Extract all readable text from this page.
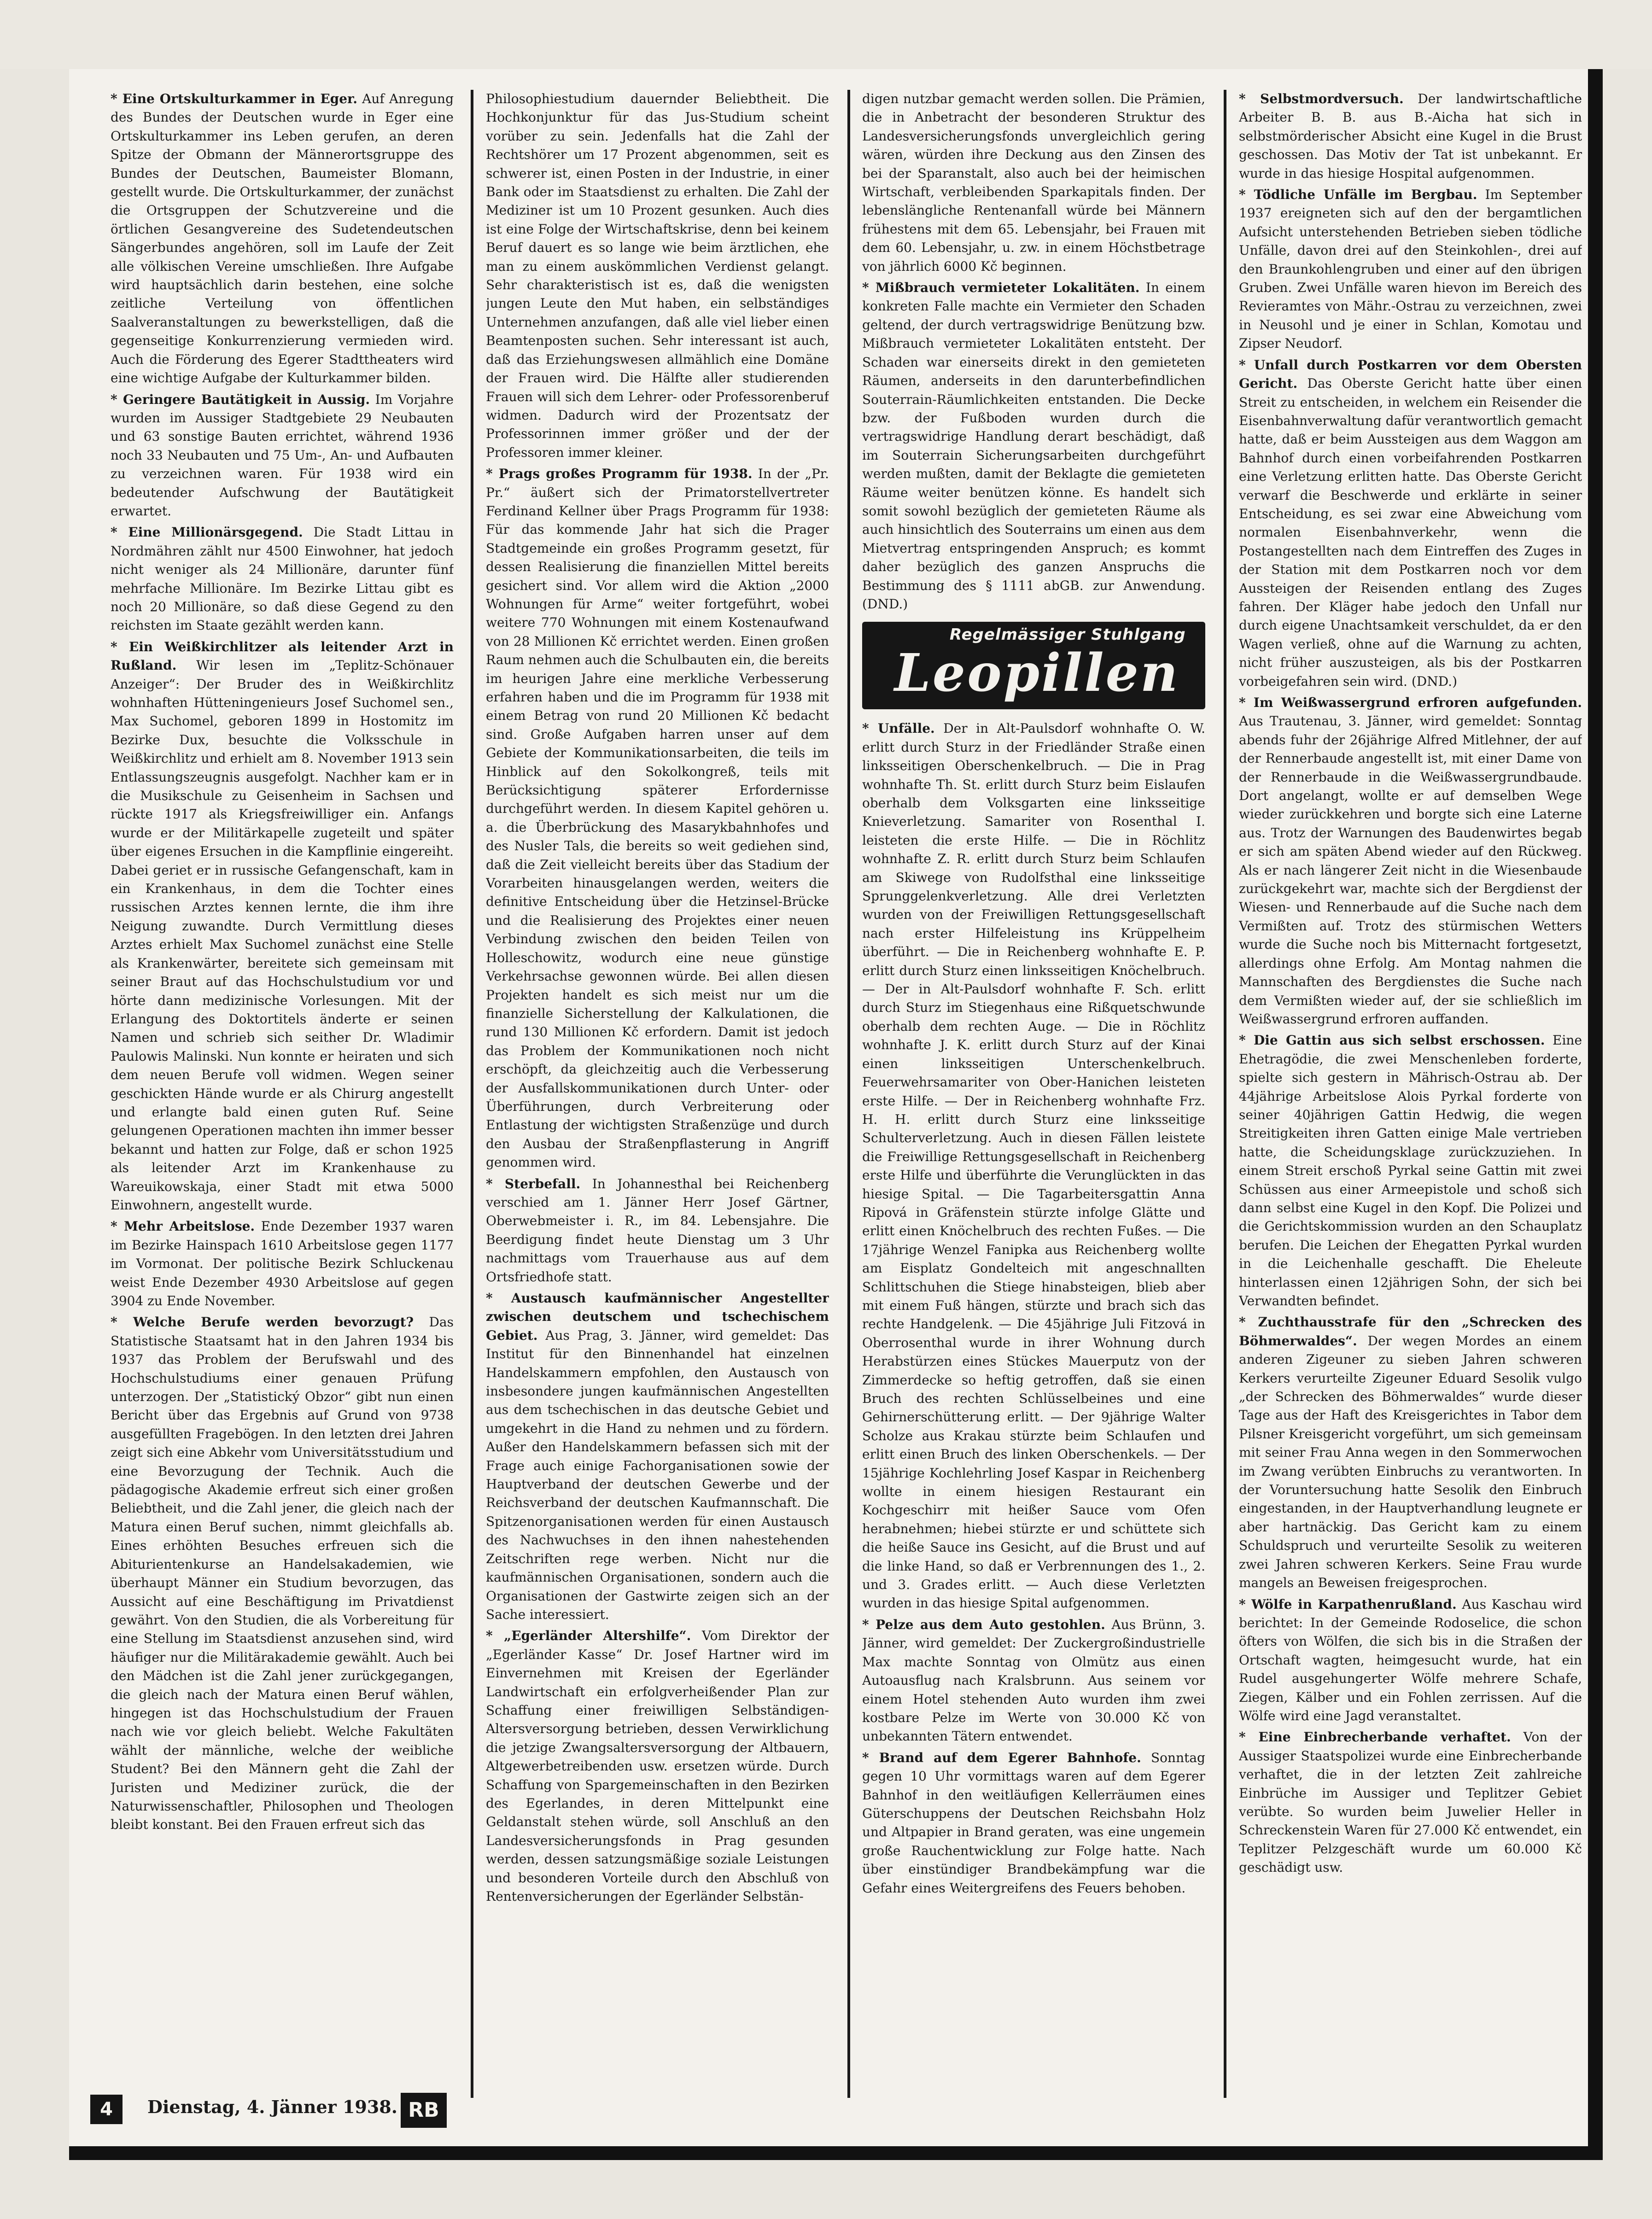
* Eine Ortskulturkammer in Eger. Auf Anregung des Bundes der Deutschen wurde in Eger eine Ortskulturkammer ins Leben gerufen, an deren Spitze der Obmann der Männerortsgruppe des Bundes der Deutschen, Baumeister Blomann, gestellt wurde. Die Ortskulturkammer, der zunächst die Ortsgruppen der Schutzvereine und die örtlichen Gesangvereine des Sudetendeutschen Sängerbundes angehören, soll im Laufe der Zeit alle völkischen Vereine umschließen. Ihre Aufgabe wird hauptsächlich darin bestehen, eine solche zeitliche Verteilung von öffentlichen Saalveranstaltungen zu bewerkstelligen, daß die gegenseitige Konkurrenzierung vermieden wird. Auch die Förderung des Egerer Stadttheaters wird eine wichtige Aufgabe der Kulturkammer bilden.

* Geringere Bautätigkeit in Aussig. Im Vorjahre wurden im Aussiger Stadtgebiete 29 Neubauten und 63 sonstige Bauten errichtet, während 1936 noch 33 Neubauten und 75 Um-, An- und Aufbauten zu verzeichnen waren. Für 1938 wird ein bedeutender Aufschwung der Bautätigkeit erwartet.

* Eine Millionärsgegend. Die Stadt Littau in Nordmähren zählt nur 4500 Einwohner, hat jedoch nicht weniger als 24 Millionäre, darunter fünf mehrfache Millionäre. Im Bezirke Littau gibt es noch 20 Millionäre, so daß diese Gegend zu den reichsten im Staate gezählt werden kann.

* Ein Weißkirchlitzer als leitender Arzt in Rußland. Wir lesen im „Teplitz-Schönauer Anzeiger“: Der Bruder des in Weißkirchlitz wohnhaften Hütteningenieurs Josef Suchomel sen., Max Suchomel, geboren 1899 in Hostomitz im Bezirke Dux, besuchte die Volksschule in Weißkirchlitz und erhielt am 8. November 1913 sein Entlassungszeugnis ausgefolgt. Nachher kam er in die Musikschule zu Geisenheim in Sachsen und rückte 1917 als Kriegsfreiwilliger ein. Anfangs wurde er der Militärkapelle zugeteilt und später über eigenes Ersuchen in die Kampflinie eingereiht. Dabei geriet er in russische Gefangenschaft, kam in ein Krankenhaus, in dem die Tochter eines russischen Arztes kennen lernte, die ihm ihre Neigung zuwandte. Durch Vermittlung dieses Arztes erhielt Max Suchomel zunächst eine Stelle als Krankenwärter, bereitete sich gemeinsam mit seiner Braut auf das Hochschulstudium vor und hörte dann medizinische Vorlesungen. Mit der Erlangung des Doktortitels änderte er seinen Namen und schrieb sich seither Dr. Wladimir Paulowis Malinski. Nun konnte er heiraten und sich dem neuen Berufe voll widmen. Wegen seiner geschickten Hände wurde er als Chirurg angestellt und erlangte bald einen guten Ruf. Seine gelungenen Operationen machten ihn immer besser bekannt und hatten zur Folge, daß er schon 1925 als leitender Arzt im Krankenhause zu Wareuikowskaja, einer Stadt mit etwa 5000 Einwohnern, angestellt wurde.

* Mehr Arbeitslose. Ende Dezember 1937 waren im Bezirke Hainspach 1610 Arbeitslose gegen 1177 im Vormonat. Der politische Bezirk Schluckenau weist Ende Dezember 4930 Arbeitslose auf gegen 3904 zu Ende November.

* Welche Berufe werden bevorzugt? Das Statistische Staatsamt hat in den Jahren 1934 bis 1937 das Problem der Berufswahl und des Hochschulstudiums einer genauen Prüfung unterzogen. Der „Statistický Obzor“ gibt nun einen Bericht über das Ergebnis auf Grund von 9738 ausgefüllten Fragebögen. In den letzten drei Jahren zeigt sich eine Abkehr vom Universitätsstudium und eine Bevorzugung der Technik. Auch die pädagogische Akademie erfreut sich einer großen Beliebtheit, und die Zahl jener, die gleich nach der Matura einen Beruf suchen, nimmt gleichfalls ab. Eines erhöhten Besuches erfreuen sich die Abiturientenkurse an Handelsakademien, wie überhaupt Männer ein Studium bevorzugen, das Aussicht auf eine Beschäftigung im Privatdienst gewährt. Von den Studien, die als Vorbereitung für eine Stellung im Staatsdienst anzusehen sind, wird häufiger nur die Militärakademie gewählt. Auch bei den Mädchen ist die Zahl jener zurückgegangen, die gleich nach der Matura einen Beruf wählen, hingegen ist das Hochschulstudium der Frauen nach wie vor gleich beliebt. Welche Fakultäten wählt der männliche, welche der weibliche Student? Bei den Männern geht die Zahl der Juristen und Mediziner zurück, die der Naturwissenschaftler, Philosophen und Theologen bleibt konstant. Bei den Frauen erfreut sich das

Philosophiestudium dauernder Beliebtheit. Die Hochkonjunktur für das Jus-Studium scheint vorüber zu sein. Jedenfalls hat die Zahl der Rechtshörer um 17 Prozent abgenommen, seit es schwerer ist, einen Posten in der Industrie, in einer Bank oder im Staatsdienst zu erhalten. Die Zahl der Mediziner ist um 10 Prozent gesunken. Auch dies ist eine Folge der Wirtschaftskrise, denn bei keinem Beruf dauert es so lange wie beim ärztlichen, ehe man zu einem auskömmlichen Verdienst gelangt. Sehr charakteristisch ist es, daß die wenigsten jungen Leute den Mut haben, ein selbständiges Unternehmen anzufangen, daß alle viel lieber einen Beamtenposten suchen. Sehr interessant ist auch, daß das Erziehungswesen allmählich eine Domäne der Frauen wird. Die Hälfte aller studierenden Frauen will sich dem Lehrer- oder Professorenberuf widmen. Dadurch wird der Prozentsatz der Professorinnen immer größer und der der Professoren immer kleiner.

* Prags großes Programm für 1938. In der „Pr. Pr.“ äußert sich der Primatorstellvertreter Ferdinand Kellner über Prags Programm für 1938: Für das kommende Jahr hat sich die Prager Stadtgemeinde ein großes Programm gesetzt, für dessen Realisierung die finanziellen Mittel bereits gesichert sind. Vor allem wird die Aktion „2000 Wohnungen für Arme“ weiter fortgeführt, wobei weitere 770 Wohnungen mit einem Kostenaufwand von 28 Millionen Kč errichtet werden. Einen großen Raum nehmen auch die Schulbauten ein, die bereits im heurigen Jahre eine merkliche Verbesserung erfahren haben und die im Programm für 1938 mit einem Betrag von rund 20 Millionen Kč bedacht sind. Große Aufgaben harren unser auf dem Gebiete der Kommunikationsarbeiten, die teils im Hinblick auf den Sokolkongreß, teils mit Berücksichtigung späterer Erfordernisse durchgeführt werden. In diesem Kapitel gehören u. a. die Überbrückung des Masarykbahnhofes und des Nusler Tals, die bereits so weit gediehen sind, daß die Zeit vielleicht bereits über das Stadium der Vorarbeiten hinausgelangen werden, weiters die definitive Entscheidung über die Hetzinsel-Brücke und die Realisierung des Projektes einer neuen Verbindung zwischen den beiden Teilen von Holleschowitz, wodurch eine neue günstige Verkehrsachse gewonnen würde. Bei allen diesen Projekten handelt es sich meist nur um die finanzielle Sicherstellung der Kalkulationen, die rund 130 Millionen Kč erfordern. Damit ist jedoch das Problem der Kommunikationen noch nicht erschöpft, da gleichzeitig auch die Verbesserung der Ausfallskommunikationen durch Unter- oder Überführungen, durch Verbreiterung oder Entlastung der wichtigsten Straßenzüge und durch den Ausbau der Straßenpflasterung in Angriff genommen wird.

* Sterbefall. In Johannesthal bei Reichenberg verschied am 1. Jänner Herr Josef Gärtner, Oberwebmeister i. R., im 84. Lebensjahre. Die Beerdigung findet heute Dienstag um 3 Uhr nachmittags vom Trauerhause aus auf dem Ortsfriedhofe statt.

* Austausch kaufmännischer Angestellter zwischen deutschem und tschechischem Gebiet. Aus Prag, 3. Jänner, wird gemeldet: Das Institut für den Binnenhandel hat einzelnen Handelskammern empfohlen, den Austausch von insbesondere jungen kaufmännischen Angestellten aus dem tschechischen in das deutsche Gebiet und umgekehrt in die Hand zu nehmen und zu fördern. Außer den Handelskammern befassen sich mit der Frage auch einige Fachorganisationen sowie der Hauptverband der deutschen Gewerbe und der Reichsverband der deutschen Kaufmannschaft. Die Spitzenorganisationen werden für einen Austausch des Nachwuchses in den ihnen nahestehenden Zeitschriften rege werben. Nicht nur die kaufmännischen Organisationen, sondern auch die Organisationen der Gastwirte zeigen sich an der Sache interessiert.

* „Egerländer Altershilfe“. Vom Direktor der „Egerländer Kasse“ Dr. Josef Hartner wird im Einvernehmen mit Kreisen der Egerländer Landwirtschaft ein erfolgverheißender Plan zur Schaffung einer freiwilligen Selbständigen-Altersversorgung betrieben, dessen Verwirklichung die jetzige Zwangsaltersversorgung der Altbauern, Altgewerbetreibenden usw. ersetzen würde. Durch Schaffung von Spargemeinschaften in den Bezirken des Egerlandes, in deren Mittelpunkt eine Geldanstalt stehen würde, soll Anschluß an den Landesversicherungsfonds in Prag gesunden werden, dessen satzungsmäßige soziale Leistungen und besonderen Vorteile durch den Abschluß von Rentenversicherungen der Egerländer Selbstän-

digen nutzbar gemacht werden sollen. Die Prämien, die in Anbetracht der besonderen Struktur des Landesversicherungsfonds unvergleichlich gering wären, würden ihre Deckung aus den Zinsen des bei der Sparanstalt, also auch bei der heimischen Wirtschaft, verbleibenden Sparkapitals finden. Der lebenslängliche Rentenanfall würde bei Männern frühestens mit dem 65. Lebensjahr, bei Frauen mit dem 60. Lebensjahr, u. zw. in einem Höchstbetrage von jährlich 6000 Kč beginnen.

* Mißbrauch vermieteter Lokalitäten. In einem konkreten Falle machte ein Vermieter den Schaden geltend, der durch vertragswidrige Benützung bzw. Mißbrauch vermieteter Lokalitäten entsteht. Der Schaden war einerseits direkt in den gemieteten Räumen, anderseits in den darunterbefindlichen Souterrain-Räumlichkeiten entstanden. Die Decke bzw. der Fußboden wurden durch die vertragswidrige Handlung derart beschädigt, daß im Souterrain Sicherungsarbeiten durchgeführt werden mußten, damit der Beklagte die gemieteten Räume weiter benützen könne. Es handelt sich somit sowohl bezüglich der gemieteten Räume als auch hinsichtlich des Souterrains um einen aus dem Mietvertrag entspringenden Anspruch; es kommt daher bezüglich des ganzen Anspruchs die Bestimmung des § 1111 abGB. zur Anwendung. (DND.)

Regelmässiger Stuhlgang
Leopillen

* Unfälle. Der in Alt-Paulsdorf wohnhafte O. W. erlitt durch Sturz in der Friedländer Straße einen linksseitigen Oberschenkelbruch. — Die in Prag wohnhafte Th. St. erlitt durch Sturz beim Eislaufen oberhalb dem Volksgarten eine linksseitige Knieverletzung. Samariter von Rosenthal I. leisteten die erste Hilfe. — Die in Röchlitz wohnhafte Z. R. erlitt durch Sturz beim Schlaufen am Skiwege von Rudolfsthal eine linksseitige Sprunggelenkverletzung. Alle drei Verletzten wurden von der Freiwilligen Rettungsgesellschaft nach erster Hilfeleistung ins Krüppelheim überführt. — Die in Reichenberg wohnhafte E. P. erlitt durch Sturz einen linksseitigen Knöchelbruch. — Der in Alt-Paulsdorf wohnhafte F. Sch. erlitt durch Sturz im Stiegenhaus eine Rißquetschwunde oberhalb dem rechten Auge. — Die in Röchlitz wohnhafte J. K. erlitt durch Sturz auf der Kinai einen linksseitigen Unterschenkelbruch. Feuerwehrsamariter von Ober-Hanichen leisteten erste Hilfe. — Der in Reichenberg wohnhafte Frz. H. H. erlitt durch Sturz eine linksseitige Schulterverletzung. Auch in diesen Fällen leistete die Freiwillige Rettungsgesellschaft in Reichenberg erste Hilfe und überführte die Verunglückten in das hiesige Spital. — Die Tagarbeitersgattin Anna Ripová in Gräfenstein stürzte infolge Glätte und erlitt einen Knöchelbruch des rechten Fußes. — Die 17jährige Wenzel Fanipka aus Reichenberg wollte am Eisplatz Gondelteich mit angeschnallten Schlittschuhen die Stiege hinabsteigen, blieb aber mit einem Fuß hängen, stürzte und brach sich das rechte Handgelenk. — Die 45jährige Juli Fitzová in Oberrosenthal wurde in ihrer Wohnung durch Herabstürzen eines Stückes Mauerputz von der Zimmerdecke so heftig getroffen, daß sie einen Bruch des rechten Schlüsselbeines und eine Gehirnerschütterung erlitt. — Der 9jährige Walter Scholze aus Krakau stürzte beim Schlaufen und erlitt einen Bruch des linken Oberschenkels. — Der 15jährige Kochlehrling Josef Kaspar in Reichenberg wollte in einem hiesigen Restaurant ein Kochgeschirr mit heißer Sauce vom Ofen herabnehmen; hiebei stürzte er und schüttete sich die heiße Sauce ins Gesicht, auf die Brust und auf die linke Hand, so daß er Verbrennungen des 1., 2. und 3. Grades erlitt. — Auch diese Verletzten wurden in das hiesige Spital aufgenommen.

* Pelze aus dem Auto gestohlen. Aus Brünn, 3. Jänner, wird gemeldet: Der Zuckergroßindustrielle Max machte Sonntag von Olmütz aus einen Autoausflug nach Kralsbrunn. Aus seinem vor einem Hotel stehenden Auto wurden ihm zwei kostbare Pelze im Werte von 30.000 Kč von unbekannten Tätern entwendet.

* Brand auf dem Egerer Bahnhofe. Sonntag gegen 10 Uhr vormittags waren auf dem Egerer Bahnhof in den weitläufigen Kellerräumen eines Güterschuppens der Deutschen Reichsbahn Holz und Altpapier in Brand geraten, was eine ungemein große Rauchentwicklung zur Folge hatte. Nach über einstündiger Brandbekämpfung war die Gefahr eines Weitergreifens des Feuers behoben.

* Selbstmordversuch. Der landwirtschaftliche Arbeiter B. B. aus B.-Aicha hat sich in selbstmörderischer Absicht eine Kugel in die Brust geschossen. Das Motiv der Tat ist unbekannt. Er wurde in das hiesige Hospital aufgenommen.

* Tödliche Unfälle im Bergbau. Im September 1937 ereigneten sich auf den der bergamtlichen Aufsicht unterstehenden Betrieben sieben tödliche Unfälle, davon drei auf den Steinkohlen-, drei auf den Braunkohlengruben und einer auf den übrigen Gruben. Zwei Unfälle waren hievon im Bereich des Revieramtes von Mähr.-Ostrau zu verzeichnen, zwei in Neusohl und je einer in Schlan, Komotau und Zipser Neudorf.

* Unfall durch Postkarren vor dem Obersten Gericht. Das Oberste Gericht hatte über einen Streit zu entscheiden, in welchem ein Reisender die Eisenbahnverwaltung dafür verantwortlich gemacht hatte, daß er beim Aussteigen aus dem Waggon am Bahnhof durch einen vorbeifahrenden Postkarren eine Verletzung erlitten hatte. Das Oberste Gericht verwarf die Beschwerde und erklärte in seiner Entscheidung, es sei zwar eine Abweichung vom normalen Eisenbahnverkehr, wenn die Postangestellten nach dem Eintreffen des Zuges in der Station mit dem Postkarren noch vor dem Aussteigen der Reisenden entlang des Zuges fahren. Der Kläger habe jedoch den Unfall nur durch eigene Unachtsamkeit verschuldet, da er den Wagen verließ, ohne auf die Warnung zu achten, nicht früher auszusteigen, als bis der Postkarren vorbeigefahren sein wird. (DND.)

* Im Weißwassergrund erfroren aufgefunden. Aus Trautenau, 3. Jänner, wird gemeldet: Sonntag abends fuhr der 26jährige Alfred Mitlehner, der auf der Rennerbaude angestellt ist, mit einer Dame von der Rennerbaude in die Weißwassergrundbaude. Dort angelangt, wollte er auf demselben Wege wieder zurückkehren und borgte sich eine Laterne aus. Trotz der Warnungen des Baudenwirtes begab er sich am späten Abend wieder auf den Rückweg. Als er nach längerer Zeit nicht in die Wiesenbaude zurückgekehrt war, machte sich der Bergdienst der Wiesen- und Rennerbaude auf die Suche nach dem Vermißten auf. Trotz des stürmischen Wetters wurde die Suche noch bis Mitternacht fortgesetzt, allerdings ohne Erfolg. Am Montag nahmen die Mannschaften des Bergdienstes die Suche nach dem Vermißten wieder auf, der sie schließlich im Weißwassergrund erfroren auffanden.

* Die Gattin aus sich selbst erschossen. Eine Ehetragödie, die zwei Menschenleben forderte, spielte sich gestern in Mährisch-Ostrau ab. Der 44jährige Arbeitslose Alois Pyrkal forderte von seiner 40jährigen Gattin Hedwig, die wegen Streitigkeiten ihren Gatten einige Male vertrieben hatte, die Scheidungsklage zurückzuziehen. In einem Streit erschoß Pyrkal seine Gattin mit zwei Schüssen aus einer Armeepistole und schoß sich dann selbst eine Kugel in den Kopf. Die Polizei und die Gerichtskommission wurden an den Schauplatz berufen. Die Leichen der Ehegatten Pyrkal wurden in die Leichenhalle geschafft. Die Eheleute hinterlassen einen 12jährigen Sohn, der sich bei Verwandten befindet.

* Zuchthausstrafe für den „Schrecken des Böhmerwaldes“. Der wegen Mordes an einem anderen Zigeuner zu sieben Jahren schweren Kerkers verurteilte Zigeuner Eduard Sesolik vulgo „der Schrecken des Böhmerwaldes“ wurde dieser Tage aus der Haft des Kreisgerichtes in Tabor dem Pilsner Kreisgericht vorgeführt, um sich gemeinsam mit seiner Frau Anna wegen in den Sommerwochen im Zwang verübten Einbruchs zu verantworten. In der Voruntersuchung hatte Sesolik den Einbruch eingestanden, in der Hauptverhandlung leugnete er aber hartnäckig. Das Gericht kam zu einem Schuldspruch und verurteilte Sesolik zu weiteren zwei Jahren schweren Kerkers. Seine Frau wurde mangels an Beweisen freigesprochen.

* Wölfe in Karpathenrußland. Aus Kaschau wird berichtet: In der Gemeinde Rodoselice, die schon öfters von Wölfen, die sich bis in die Straßen der Ortschaft wagten, heimgesucht wurde, hat ein Rudel ausgehungerter Wölfe mehrere Schafe, Ziegen, Kälber und ein Fohlen zerrissen. Auf die Wölfe wird eine Jagd veranstaltet.

* Eine Einbrecherbande verhaftet. Von der Aussiger Staatspolizei wurde eine Einbrecherbande verhaftet, die in der letzten Zeit zahlreiche Einbrüche im Aussiger und Teplitzer Gebiet verübte. So wurden beim Juwelier Heller in Schreckenstein Waren für 27.000 Kč entwendet, ein Teplitzer Pelzgeschäft wurde um 60.000 Kč geschädigt usw.

4	Dienstag, 4. Jänner 1938. RB
